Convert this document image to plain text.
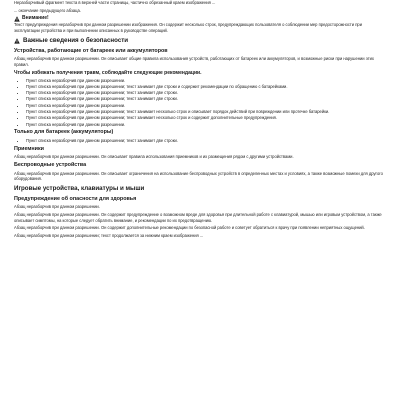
Неразборчивый фрагмент текста в верхней части страницы, частично обрезанный краем изображения ...
... окончание предыдущего абзаца.
Внимание!

Текст предупреждения неразборчив при данном разрешении изображения. Он содержит несколько строк, предупреждающих пользователя о соблюдении мер предосторожности при эксплуатации устройства и при выполнении описанных в руководстве операций.

Важные сведения о безопасности
Устройства, работающие от батареек или аккумуляторов

Абзац неразборчив при данном разрешении. Он описывает общие правила использования устройств, работающих от батареек или аккумуляторов, и возможные риски при нарушении этих правил.

Чтобы избежать получения травм, соблюдайте следующие рекомендации.
• Пункт списка неразборчив при данном разрешении.
• Пункт списка неразборчив при данном разрешении; текст занимает две строки и содержит рекомендации по обращению с батарейками.
• Пункт списка неразборчив при данном разрешении; текст занимает две строки.
• Пункт списка неразборчив при данном разрешении; текст занимает две строки.
• Пункт списка неразборчив при данном разрешении.
• Пункт списка неразборчив при данном разрешении; текст занимает несколько строк и описывает порядок действий при повреждении или протечке батарейки.
• Пункт списка неразборчив при данном разрешении; текст занимает несколько строк и содержит дополнительные предупреждения.
• Пункт списка неразборчив при данном разрешении.
Только для батареек (аккумуляторы)
• Пункт списка неразборчив при данном разрешении; текст занимает две строки.
Приемники

Абзац неразборчив при данном разрешении. Он описывает правила использования приемников и их размещения рядом с другими устройствами.

Беспроводные устройства

Абзац неразборчив при данном разрешении. Он описывает ограничения на использование беспроводных устройств в определенных местах и условиях, а также возможные помехи для другого оборудования.

Игровые устройства, клавиатуры и мыши
Предупреждение об опасности для здоровья

Абзац неразборчив при данном разрешении.

Абзац неразборчив при данном разрешении. Он содержит предупреждение о возможном вреде для здоровья при длительной работе с клавиатурой, мышью или игровым устройством, а также описывает симптомы, на которые следует обратить внимание, и рекомендации по их предотвращению.

Абзац неразборчив при данном разрешении. Он содержит дополнительные рекомендации по безопасной работе и советует обратиться к врачу при появлении неприятных ощущений.

Абзац неразборчив при данном разрешении; текст продолжается за нижним краем изображения ...
